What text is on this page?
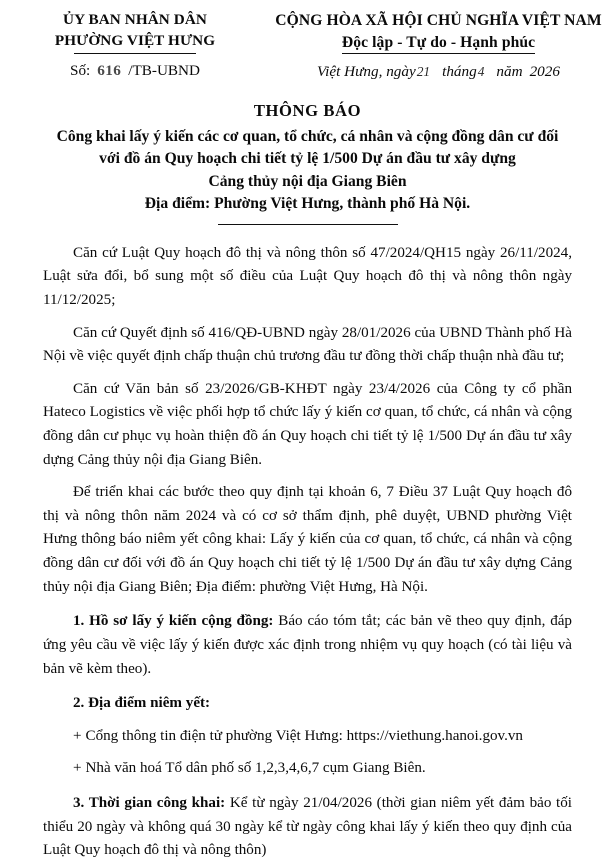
ỦY BAN NHÂN DÂN
PHƯỜNG VIỆT HƯNG
Số: 616 /TB-UBND
CỘNG HÒA XÃ HỘI CHỦ NGHĨA VIỆT NAM
Độc lập - Tự do - Hạnh phúc
Việt Hưng, ngày21 tháng4 năm 2026
THÔNG BÁO
Công khai lấy ý kiến các cơ quan, tổ chức, cá nhân và cộng đồng dân cư đối
với đồ án Quy hoạch chi tiết tỷ lệ 1/500 Dự án đầu tư xây dựng
Cảng thủy nội địa Giang Biên
Địa điểm: Phường Việt Hưng, thành phố Hà Nội.

Căn cứ Luật Quy hoạch đô thị và nông thôn số 47/2024/QH15 ngày 26/11/2024, Luật sửa đổi, bổ sung một số điều của Luật Quy hoạch đô thị và nông thôn ngày 11/12/2025;

Căn cứ Quyết định số 416/QĐ-UBND ngày 28/01/2026 của UBND Thành phố Hà Nội về việc quyết định chấp thuận chủ trương đầu tư đồng thời chấp thuận nhà đầu tư;

Căn cứ Văn bản số 23/2026/GB-KHĐT ngày 23/4/2026 của Công ty cổ phần Hateco Logistics về việc phối hợp tổ chức lấy ý kiến cơ quan, tổ chức, cá nhân và cộng đồng dân cư phục vụ hoàn thiện đồ án Quy hoạch chi tiết tỷ lệ 1/500 Dự án đầu tư xây dựng Cảng thủy nội địa Giang Biên.

Để triển khai các bước theo quy định tại khoản 6, 7 Điều 37 Luật Quy hoạch đô thị và nông thôn năm 2024 và có cơ sở thẩm định, phê duyệt, UBND phường Việt Hưng thông báo niêm yết công khai: Lấy ý kiến của cơ quan, tổ chức, cá nhân và cộng đồng dân cư đối với đồ án Quy hoạch chi tiết tỷ lệ 1/500 Dự án đầu tư xây dựng Cảng thủy nội địa Giang Biên; Địa điểm: phường Việt Hưng, Hà Nội.

1. Hồ sơ lấy ý kiến cộng đồng: Báo cáo tóm tắt; các bản vẽ theo quy định, đáp ứng yêu cầu về việc lấy ý kiến được xác định trong nhiệm vụ quy hoạch (có tài liệu và bản vẽ kèm theo).

2. Địa điểm niêm yết:

+ Cổng thông tin điện tử phường Việt Hưng: https://viethung.hanoi.gov.vn

+ Nhà văn hoá Tổ dân phố số 1,2,3,4,6,7 cụm Giang Biên.

3. Thời gian công khai: Kể từ ngày 21/04/2026 (thời gian niêm yết đảm bảo tối thiểu 20 ngày và không quá 30 ngày kể từ ngày công khai lấy ý kiến theo quy định của Luật Quy hoạch đô thị và nông thôn)
